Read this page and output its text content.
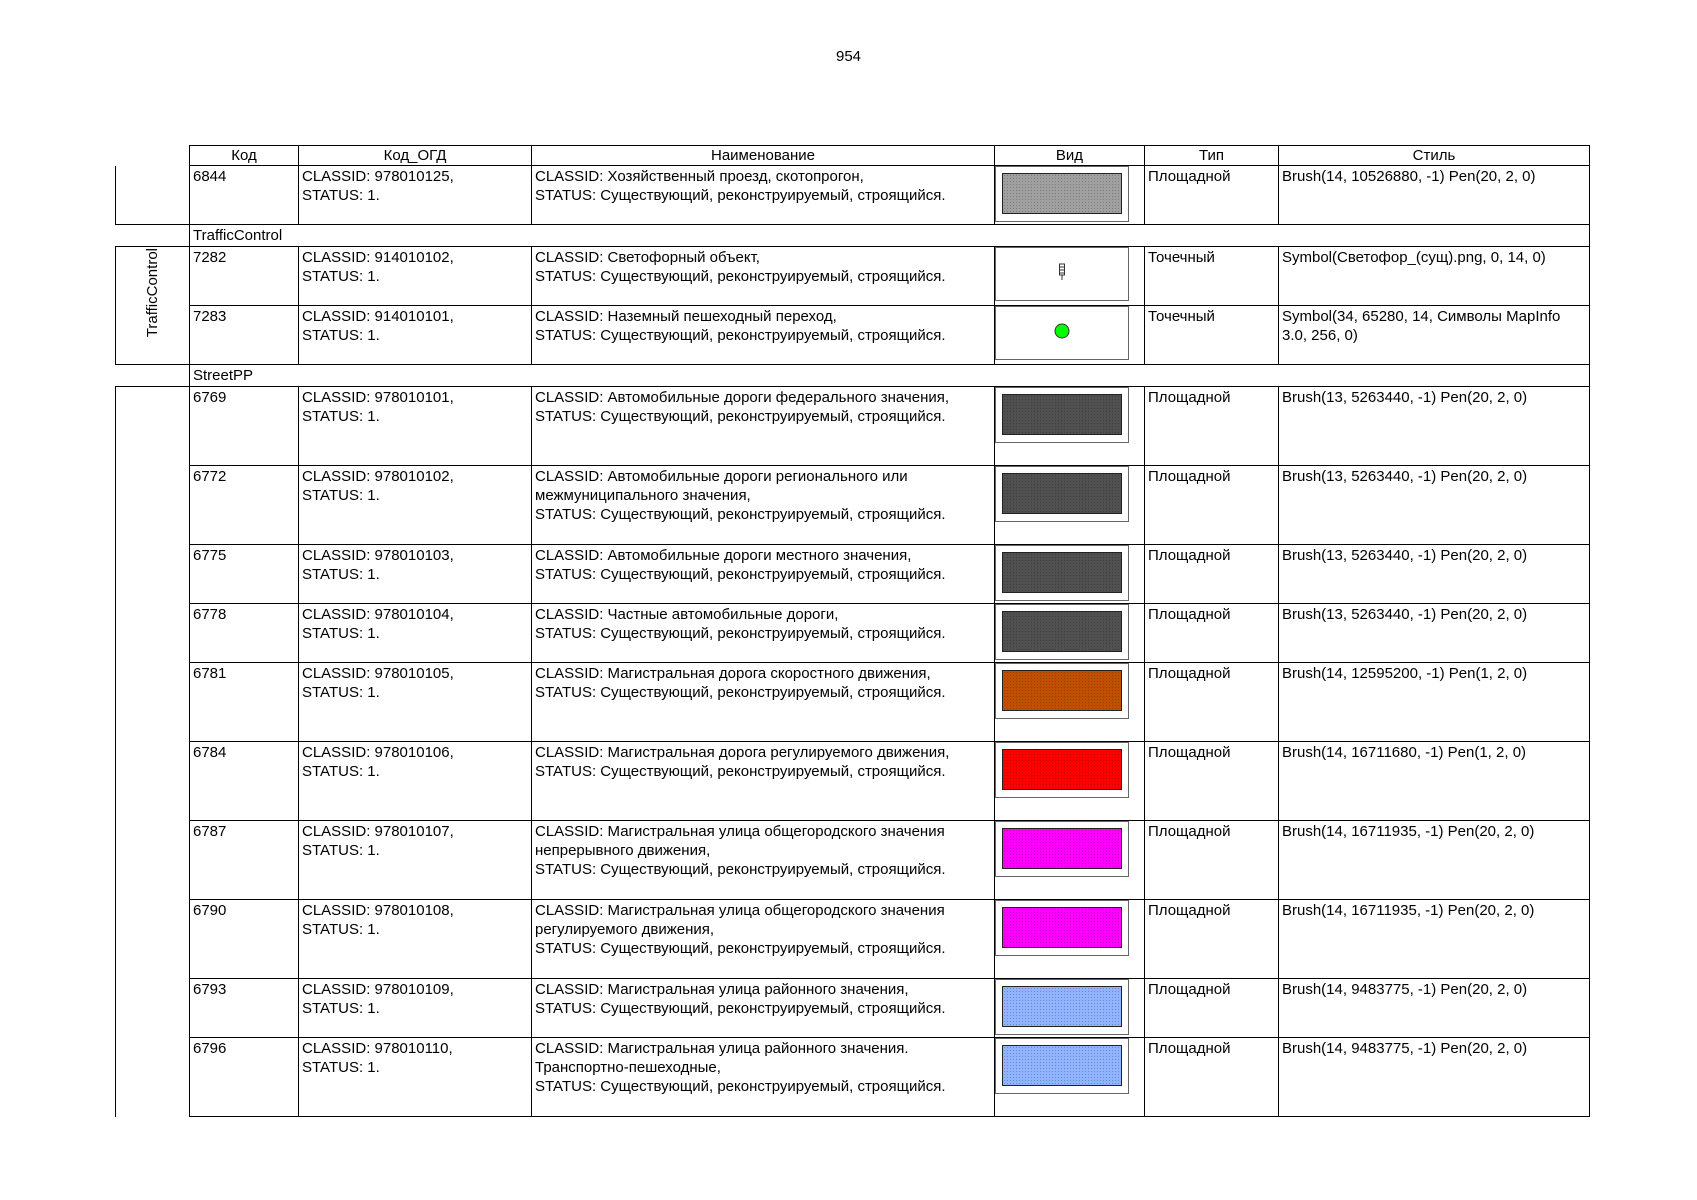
954
	Код	Код_ОГД	Наименование	Вид	Тип	Стиль
	6844	CLASSID: 978010125,
STATUS: 1.	CLASSID: Хозяйственный проезд, скотопрогон,
STATUS: Существующий, реконструируемый, строящийся.		Площадной	Brush(14, 10526880, -1) Pen(20, 2, 0)
	TrafficControl					

TrafficControl	7282	CLASSID: 914010102,
STATUS: 1.	CLASSID: Светофорный объект,
STATUS: Существующий, реконструируемый, строящийся.		Точечный	Symbol(Светофор_(сущ).png, 0, 14, 0)
	7283	CLASSID: 914010101,
STATUS: 1.	CLASSID: Наземный пешеходный переход,
STATUS: Существующий, реконструируемый, строящийся.		Точечный	Symbol(34, 65280, 14, Символы MapInfo 3.0, 256, 0)
	StreetPP					
	6769	CLASSID: 978010101,
STATUS: 1.	CLASSID: Автомобильные дороги федерального значения,
STATUS: Существующий, реконструируемый, строящийся.		Площадной	Brush(13, 5263440, -1) Pen(20, 2, 0)
	6772	CLASSID: 978010102,
STATUS: 1.	CLASSID: Автомобильные дороги регионального или
межмуниципального значения,
STATUS: Существующий, реконструируемый, строящийся.		Площадной	Brush(13, 5263440, -1) Pen(20, 2, 0)
	6775	CLASSID: 978010103,
STATUS: 1.	CLASSID: Автомобильные дороги местного значения,
STATUS: Существующий, реконструируемый, строящийся.		Площадной	Brush(13, 5263440, -1) Pen(20, 2, 0)
	6778	CLASSID: 978010104,
STATUS: 1.	CLASSID: Частные автомобильные дороги,
STATUS: Существующий, реконструируемый, строящийся.		Площадной	Brush(13, 5263440, -1) Pen(20, 2, 0)
	6781	CLASSID: 978010105,
STATUS: 1.	CLASSID: Магистральная дорога скоростного движения,
STATUS: Существующий, реконструируемый, строящийся.		Площадной	Brush(14, 12595200, -1) Pen(1, 2, 0)
	6784	CLASSID: 978010106,
STATUS: 1.	CLASSID: Магистральная дорога регулируемого движения,
STATUS: Существующий, реконструируемый, строящийся.		Площадной	Brush(14, 16711680, -1) Pen(1, 2, 0)
	6787	CLASSID: 978010107,
STATUS: 1.	CLASSID: Магистральная улица общегородского значения
непрерывного движения,
STATUS: Существующий, реконструируемый, строящийся.		Площадной	Brush(14, 16711935, -1) Pen(20, 2, 0)
	6790	CLASSID: 978010108,
STATUS: 1.	CLASSID: Магистральная улица общегородского значения
регулируемого движения,
STATUS: Существующий, реконструируемый, строящийся.		Площадной	Brush(14, 16711935, -1) Pen(20, 2, 0)
	6793	CLASSID: 978010109,
STATUS: 1.	CLASSID: Магистральная улица районного значения,
STATUS: Существующий, реконструируемый, строящийся.		Площадной	Brush(14, 9483775, -1) Pen(20, 2, 0)
	6796	CLASSID: 978010110,
STATUS: 1.	CLASSID: Магистральная улица районного значения.
Транспортно-пешеходные,
STATUS: Существующий, реконструируемый, строящийся.		Площадной	Brush(14, 9483775, -1) Pen(20, 2, 0)
